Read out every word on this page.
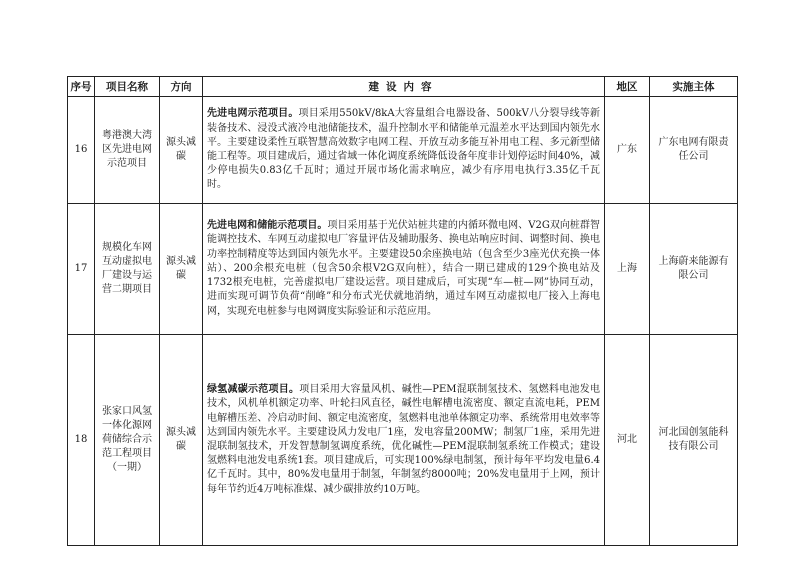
序号	项目名称	方向	建设内容	地区	实施主体
16	粤港澳大湾区先进电网示范项目	源头减碳	先进电网示范项目。项目采用550kV/8kA大容量组合电器设备、500kV八分裂导线等新装备技术、浸没式液冷电池储能技术，温升控制水平和储能单元温差水平达到国内领先水平。主要建设柔性互联智慧高效数字电网工程、开放互动多能互补用电工程、多元新型储能工程等。项目建成后，通过省域一体化调度系统降低设备年度非计划停运时间40%，减少停电损失0.83亿千瓦时；通过开展市场化需求响应，减少有序用电执行3.35亿千瓦时。	广东	广东电网有限责任公司
17	规模化车网互动虚拟电厂建设与运营二期项目	源头减碳	先进电网和储能示范项目。项目采用基于光伏站桩共建的内循环微电网、V2G双向桩群智能调控技术、车网互动虚拟电厂容量评估及辅助服务、换电站响应时间、调整时间、换电功率控制精度等达到国内领先水平。主要建设50余座换电站（包含至少3座光伏充换一体站）、200余根充电桩（包含50余根V2G双向桩），结合一期已建成的129个换电站及1732根充电桩，完善虚拟电厂建设运营。项目建成后，可实现“车—桩—网”协同互动，进而实现可调节负荷“削峰”和分布式光伏就地消纳，通过车网互动虚拟电厂接入上海电网，实现充电桩参与电网调度实际验证和示范应用。	上海	上海蔚来能源有限公司
18	张家口风氢一体化源网荷储综合示范工程项目（一期）	源头减碳	绿氢减碳示范项目。项目采用大容量风机、碱性—PEM混联制氢技术、氢燃料电池发电技术，风机单机额定功率、叶轮扫风直径，碱性电解槽电流密度、额定直流电耗，PEM电解槽压差、冷启动时间、额定电流密度，氢燃料电池单体额定功率、系统常用电效率等达到国内领先水平。主要建设风力发电厂1座，发电容量200MW；制氢厂1座，采用先进混联制氢技术，开发智慧制氢调度系统，优化碱性—PEM混联制氢系统工作模式；建设氢燃料电池发电系统1套。项目建成后，可实现100%绿电制氢，预计每年平均发电量6.4亿千瓦时。其中，80%发电量用于制氢，年制氢约8000吨；20%发电量用于上网，预计每年节约近4万吨标准煤、减少碳排放约10万吨。	河北	河北国创氢能科技有限公司
